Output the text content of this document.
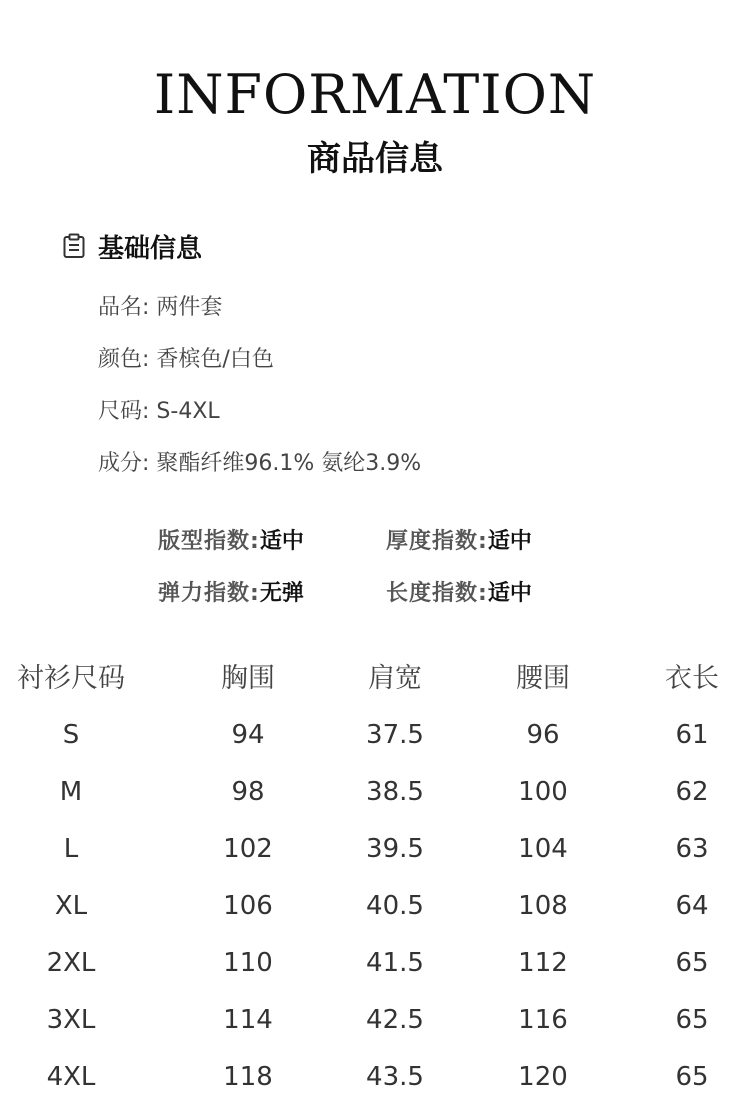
INFORMATION
商品信息
基础信息
品名: 两件套
颜色: 香槟色/白色
尺码: S-4XL
成分: 聚酯纤维96.1% 氨纶3.9%
版型指数:适中	厚度指数:适中
弹力指数:无弹	长度指数:适中
衬衫尺码	胸围	肩宽	腰围	衣长
S	94	37.5	96	61
M	98	38.5	100	62
L	102	39.5	104	63
XL	106	40.5	108	64
2XL	110	41.5	112	65
3XL	114	42.5	116	65
4XL	118	43.5	120	65
